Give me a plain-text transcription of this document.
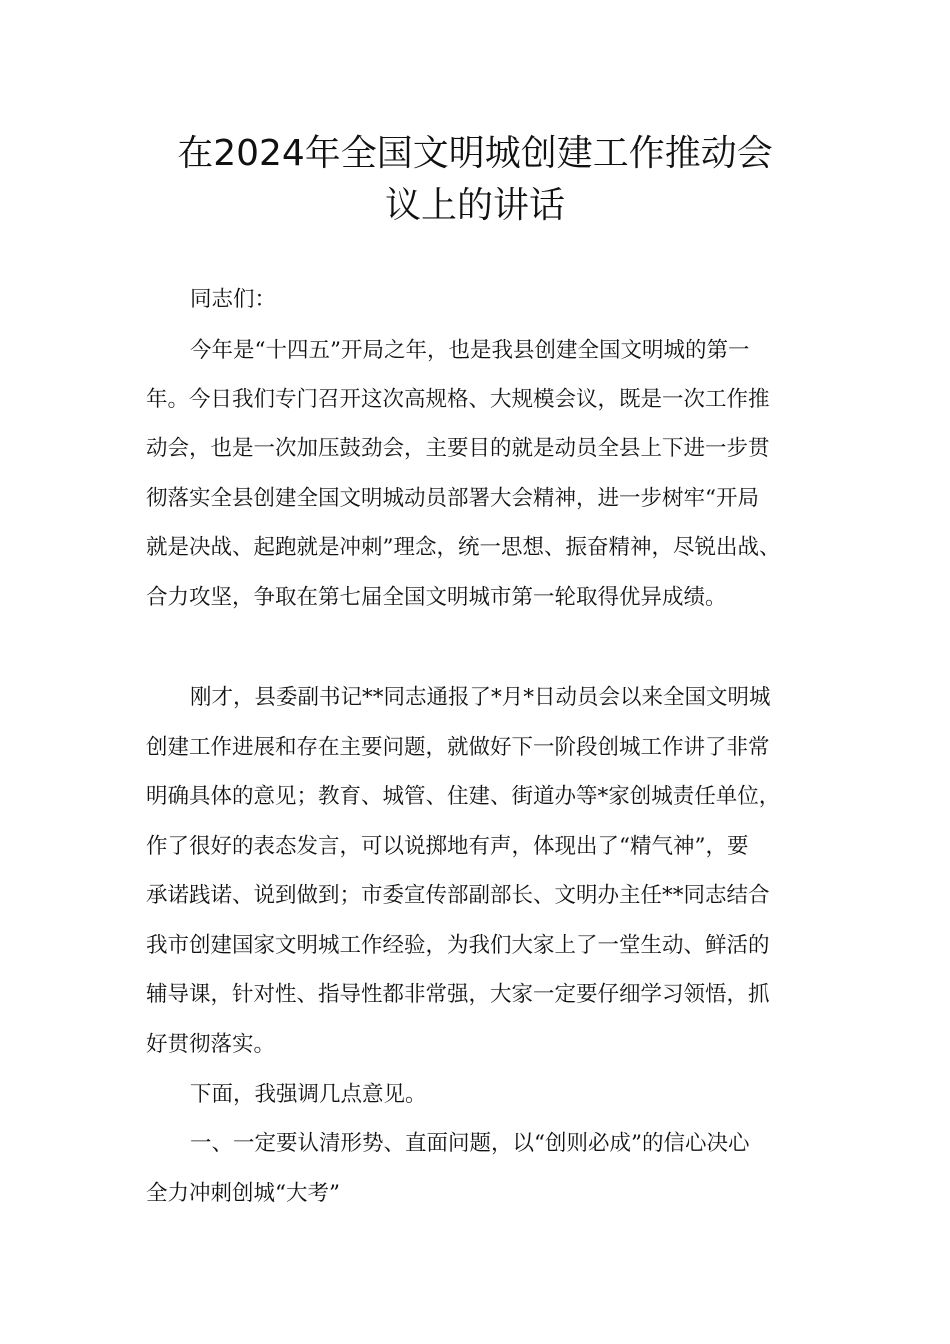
在2024年全国文明城创建工作推动会
议上的讲话

同志们：

今年是“十四五”开局之年，也是我县创建全国文明城的第一

年。今日我们专门召开这次高规格、大规模会议，既是一次工作推

动会，也是一次加压鼓劲会，主要目的就是动员全县上下进一步贯

彻落实全县创建全国文明城动员部署大会精神，进一步树牢“开局

就是决战、起跑就是冲刺”理念，统一思想、振奋精神，尽锐出战、

合力攻坚，争取在第七届全国文明城市第一轮取得优异成绩。

刚才，县委副书记**同志通报了*月*日动员会以来全国文明城

创建工作进展和存在主要问题，就做好下一阶段创城工作讲了非常

明确具体的意见；教育、城管、住建、街道办等*家创城责任单位，

作了很好的表态发言，可以说掷地有声，体现出了“精气神”，要

承诺践诺、说到做到；市委宣传部副部长、文明办主任**同志结合

我市创建国家文明城工作经验，为我们大家上了一堂生动、鲜活的

辅导课，针对性、指导性都非常强，大家一定要仔细学习领悟，抓

好贯彻落实。

下面，我强调几点意见。

一、一定要认清形势、直面问题，以“创则必成”的信心决心

全力冲刺创城“大考”
